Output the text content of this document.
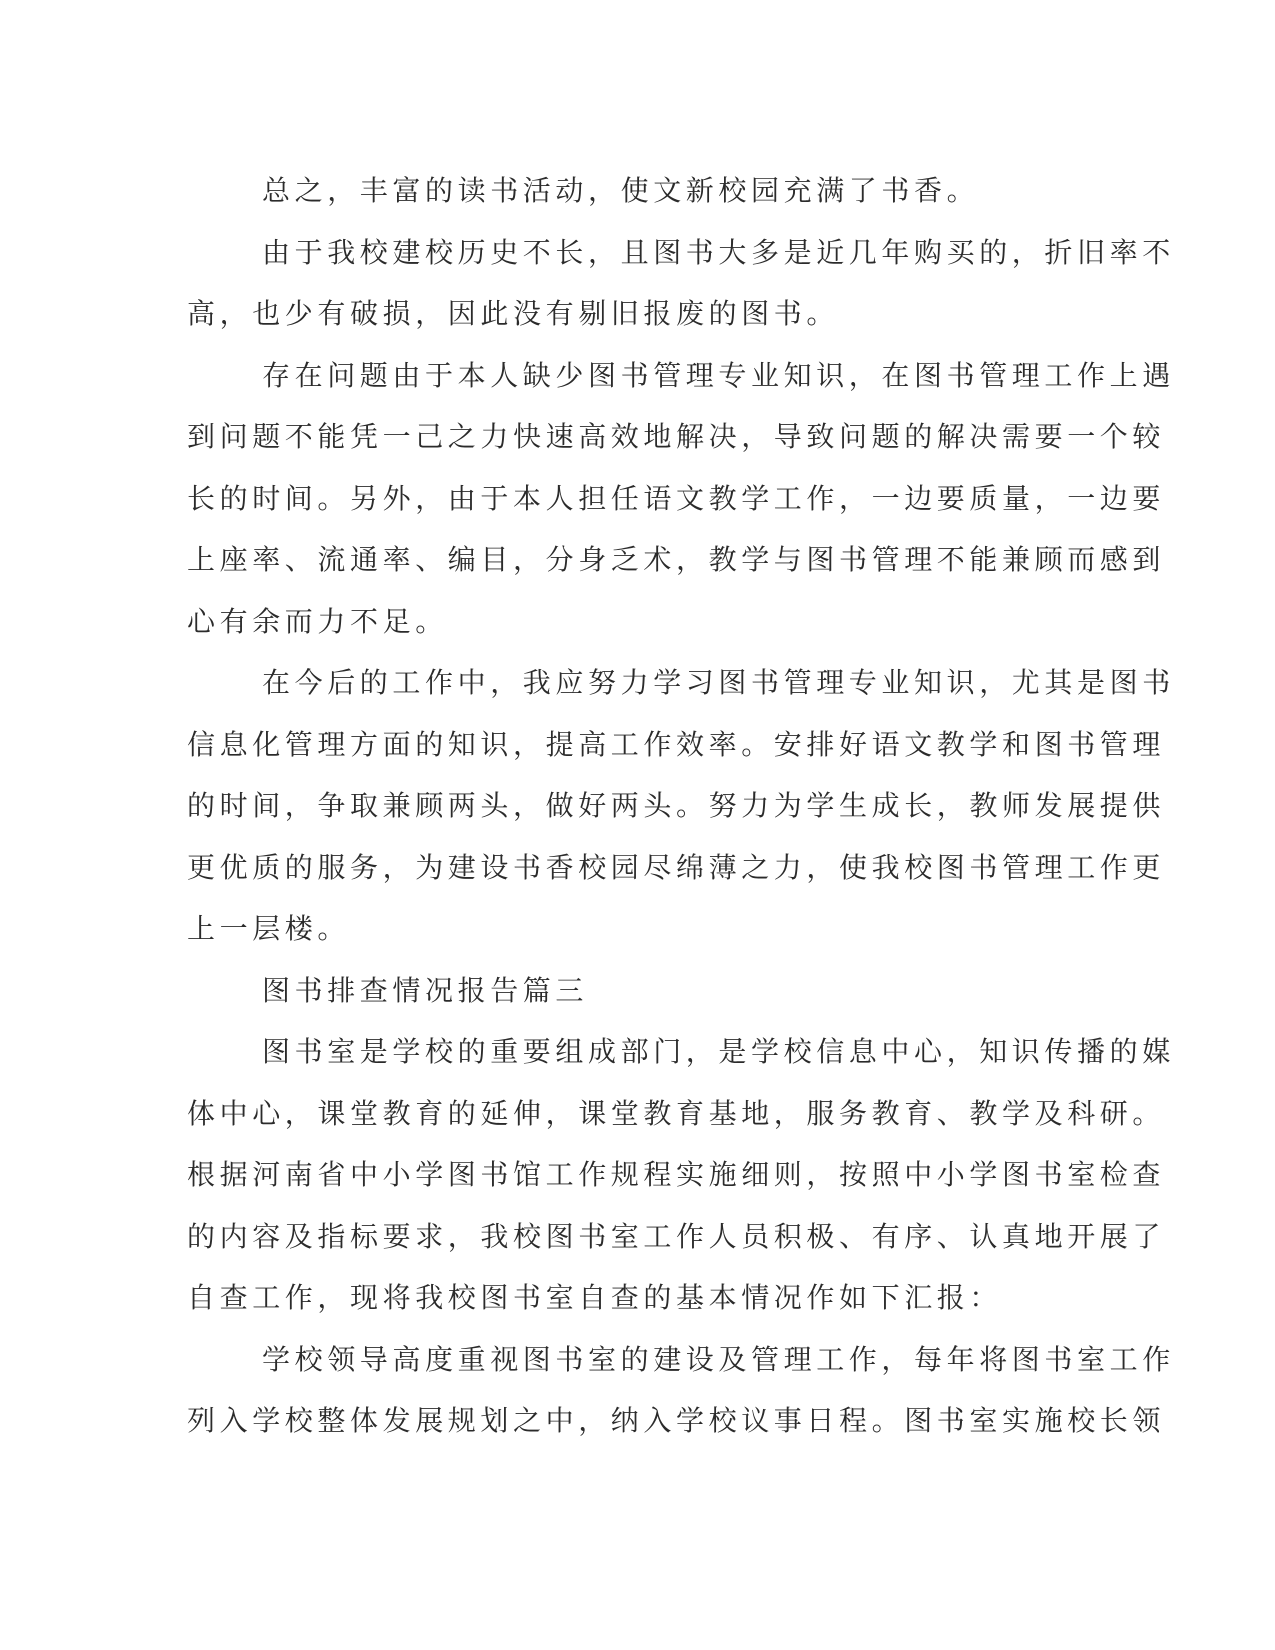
总之，丰富的读书活动，使文新校园充满了书香。
由于我校建校历史不长，且图书大多是近几年购买的，折旧率不
高，也少有破损，因此没有剔旧报废的图书。
存在问题由于本人缺少图书管理专业知识，在图书管理工作上遇
到问题不能凭一己之力快速高效地解决，导致问题的解决需要一个较
长的时间。另外，由于本人担任语文教学工作，一边要质量，一边要
上座率、流通率、编目，分身乏术，教学与图书管理不能兼顾而感到
心有余而力不足。
在今后的工作中，我应努力学习图书管理专业知识，尤其是图书
信息化管理方面的知识，提高工作效率。安排好语文教学和图书管理
的时间，争取兼顾两头，做好两头。努力为学生成长，教师发展提供
更优质的服务，为建设书香校园尽绵薄之力，使我校图书管理工作更
上一层楼。
图书排查情况报告篇三
图书室是学校的重要组成部门，是学校信息中心，知识传播的媒
体中心，课堂教育的延伸，课堂教育基地，服务教育、教学及科研。
根据河南省中小学图书馆工作规程实施细则，按照中小学图书室检查
的内容及指标要求，我校图书室工作人员积极、有序、认真地开展了
自查工作，现将我校图书室自查的基本情况作如下汇报：
学校领导高度重视图书室的建设及管理工作，每年将图书室工作
列入学校整体发展规划之中，纳入学校议事日程。图书室实施校长领
